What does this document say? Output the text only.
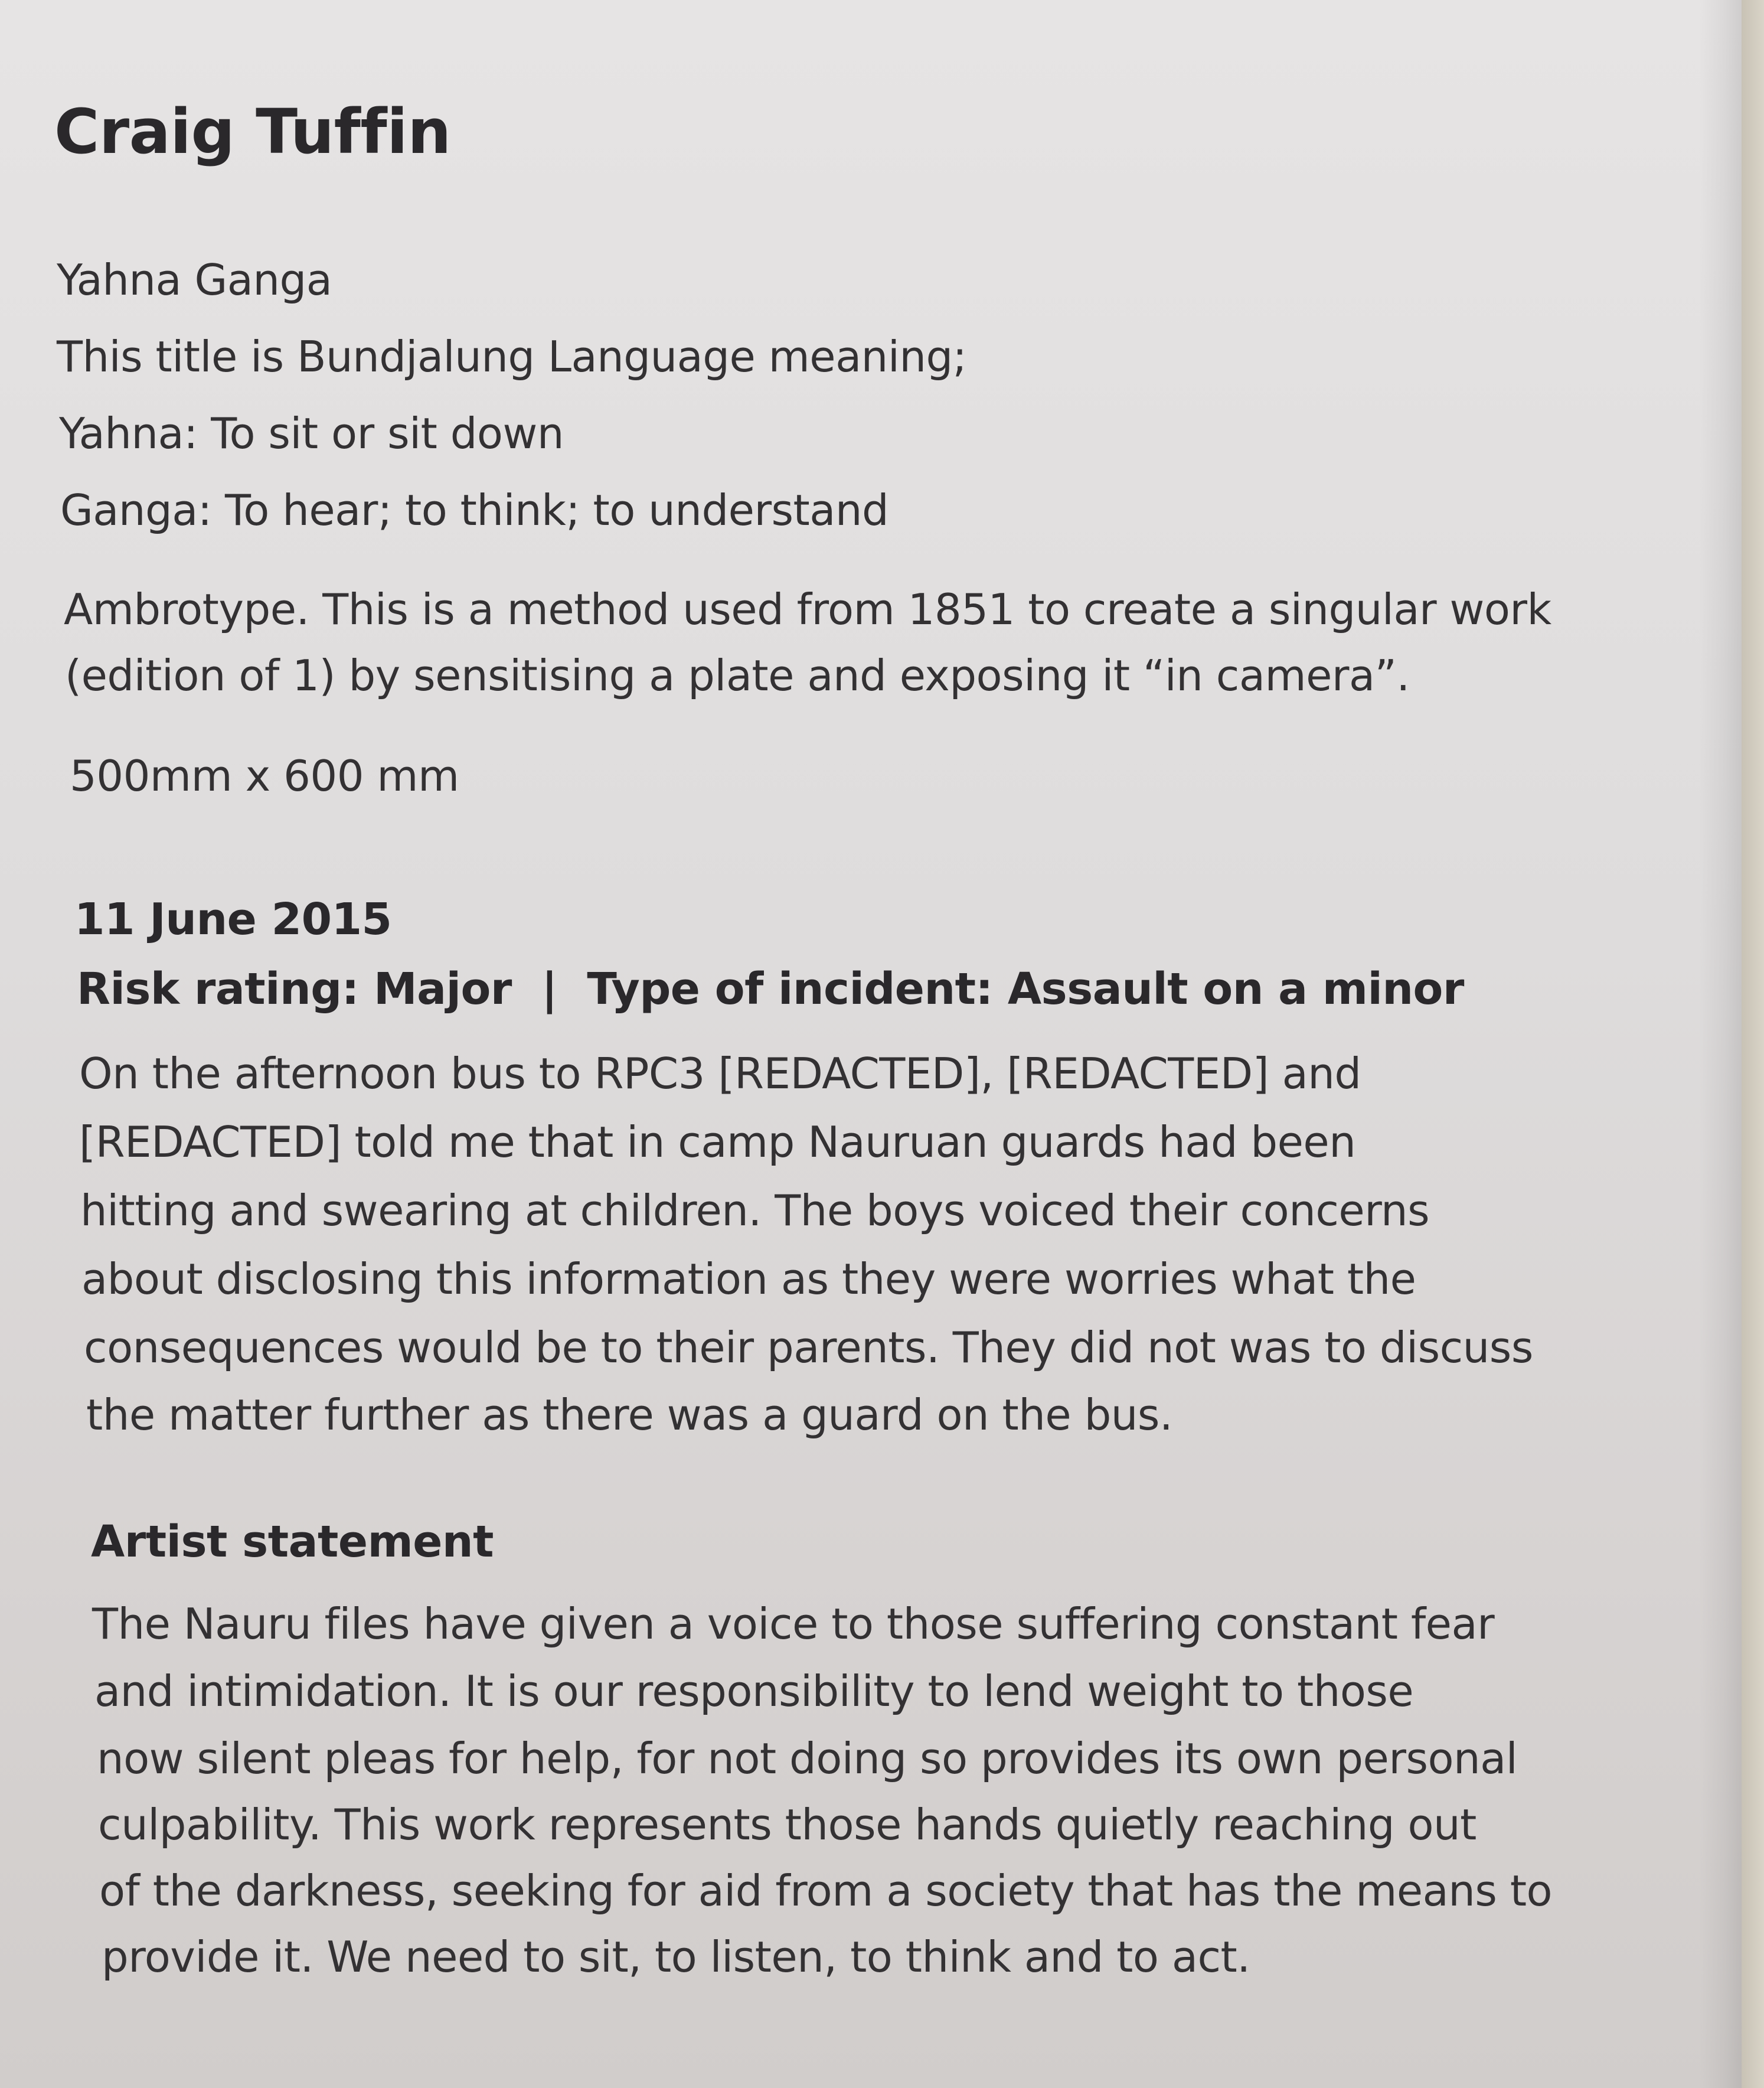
Craig Tuffin
Yahna Ganga
This title is Bundjalung Language meaning;
Yahna: To sit or sit down
Ganga: To hear; to think; to understand
Ambrotype. This is a method used from 1851 to create a singular work
(edition of 1) by sensitising a plate and exposing it “in camera”.
500mm x 600 mm
11 June 2015
Risk rating: Major  |  Type of incident: Assault on a minor
On the afternoon bus to RPC3 [REDACTED], [REDACTED] and
[REDACTED] told me that in camp Nauruan guards had been
hitting and swearing at children. The boys voiced their concerns
about disclosing this information as they were worries what the
consequences would be to their parents. They did not was to discuss
the matter further as there was a guard on the bus.
Artist statement
The Nauru files have given a voice to those suffering constant fear
and intimidation. It is our responsibility to lend weight to those
now silent pleas for help, for not doing so provides its own personal
culpability. This work represents those hands quietly reaching out
of the darkness, seeking for aid from a society that has the means to
provide it. We need to sit, to listen, to think and to act.
